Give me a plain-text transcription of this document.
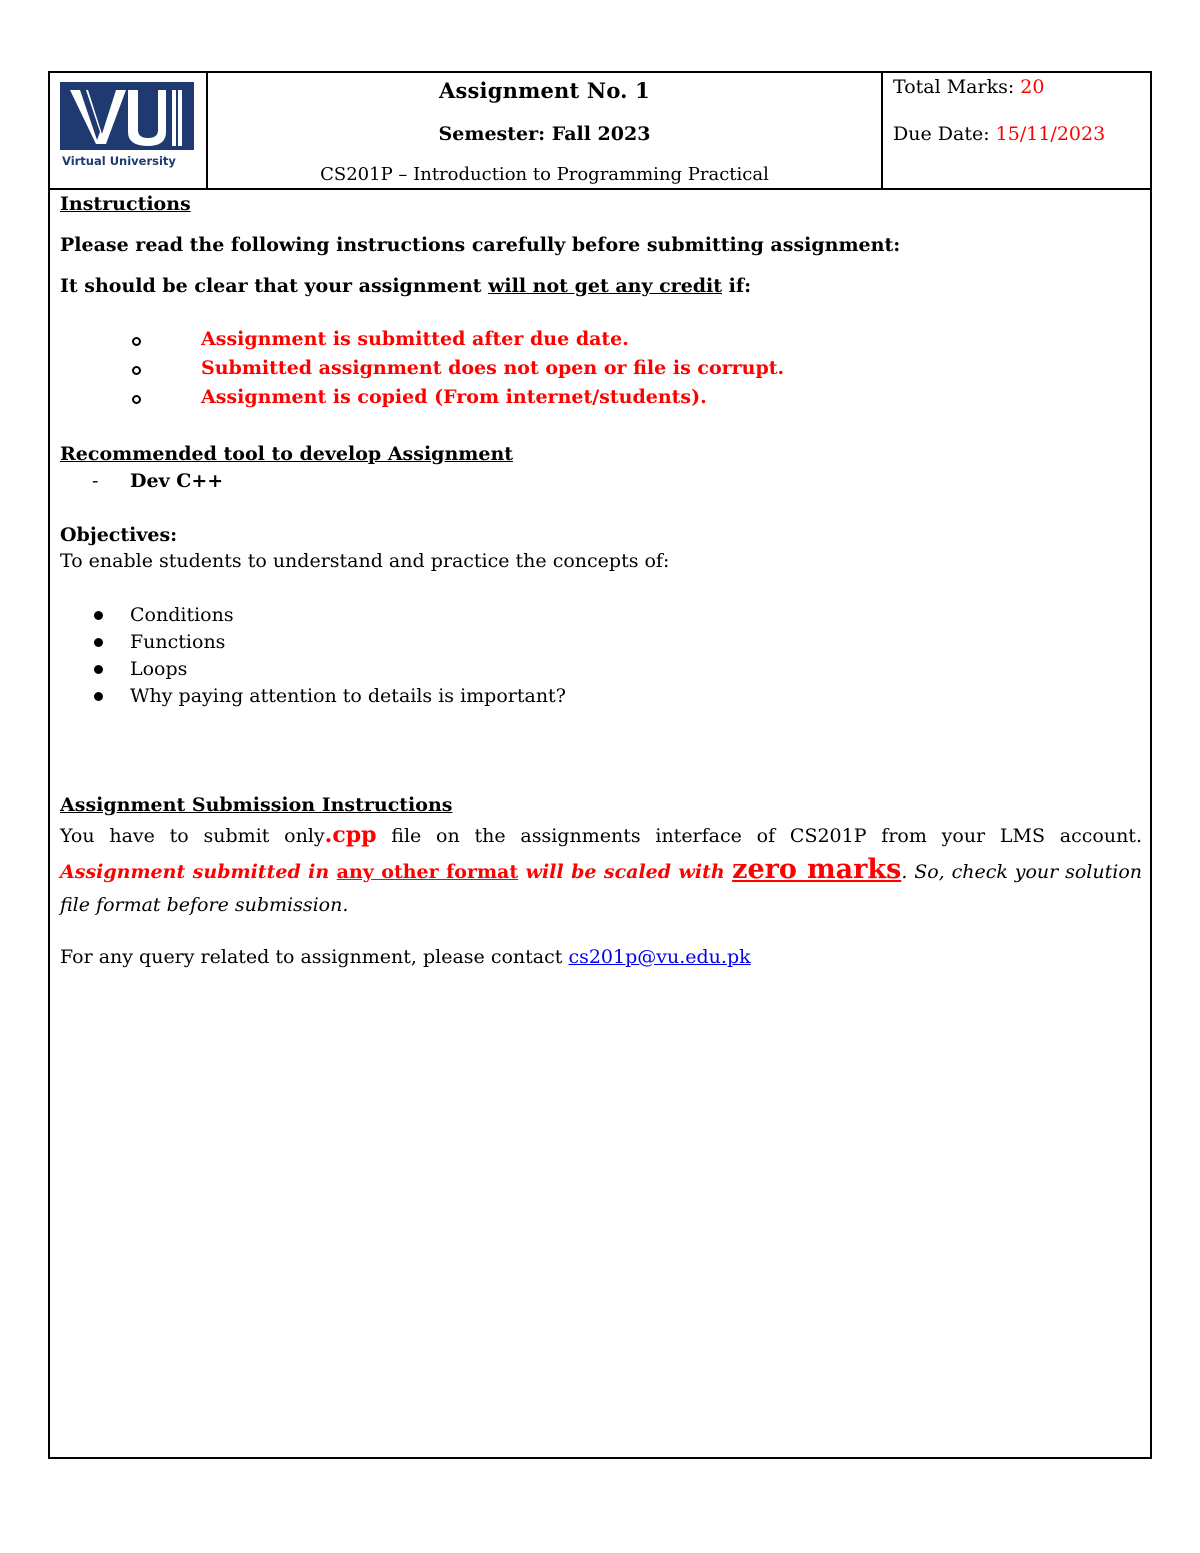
Virtual University
Assignment No. 1
Semester: Fall 2023
CS201P – Introduction to Programming Practical
Total Marks: 20
Due Date: 15/11/2023
Instructions
Please read the following instructions carefully before submitting assignment:
It should be clear that your assignment will not get any credit if:
Assignment is submitted after due date.
Submitted assignment does not open or file is corrupt.
Assignment is copied (From internet/students).
Recommended tool to develop Assignment
- Dev C++
Objectives:
To enable students to understand and practice the concepts of:
Conditions
Functions
Loops
Why paying attention to details is important?
Assignment Submission Instructions
You have to submit only.cpp file on the assignments interface of CS201P from your LMS account. Assignment submitted in any other format will be scaled with zero marks. So, check your solution file format before submission.
For any query related to assignment, please contact cs201p@vu.edu.pk
